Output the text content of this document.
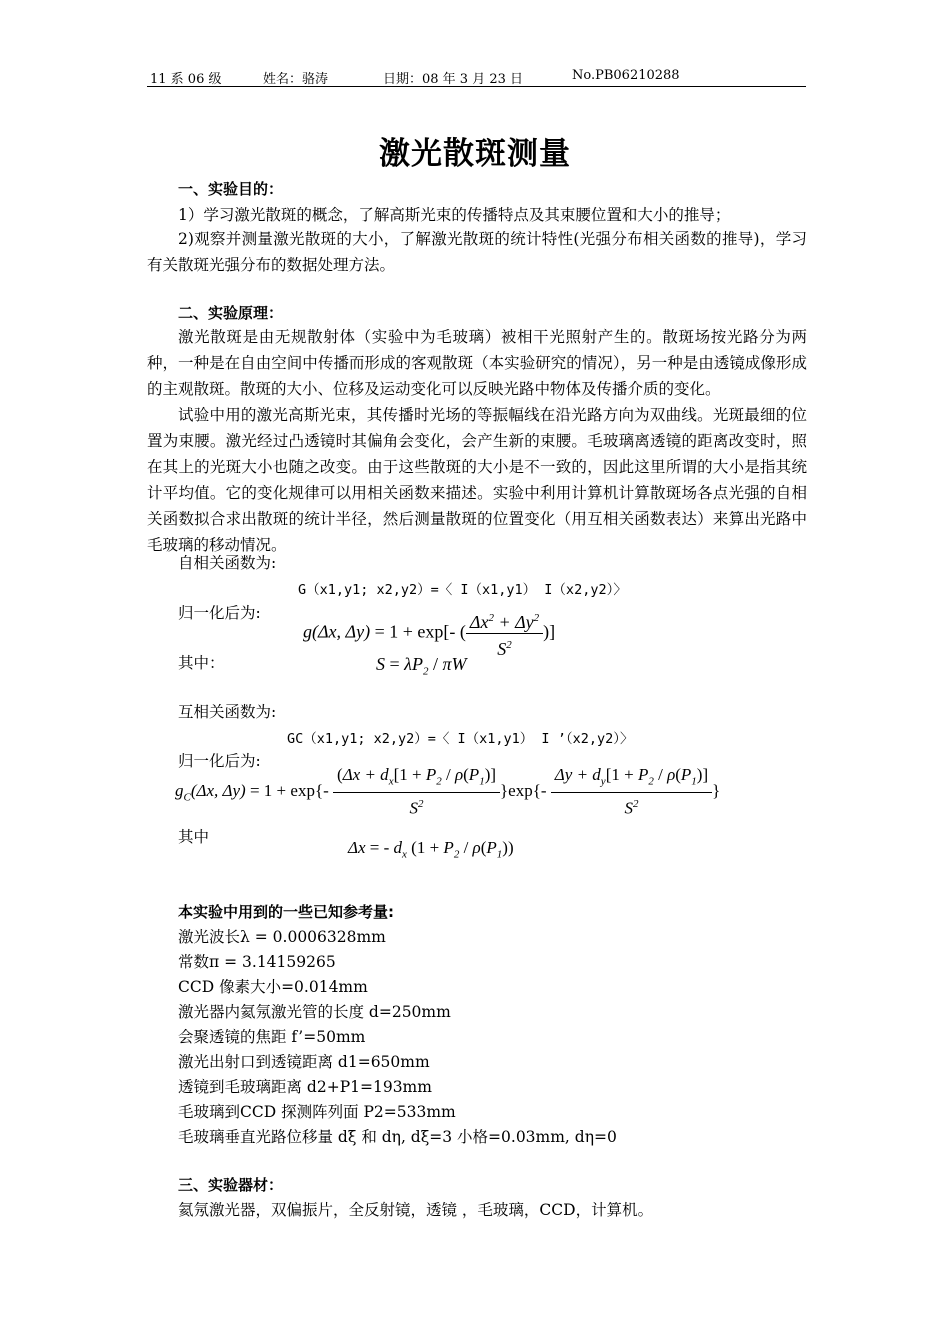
11 系 06 级	姓名：骆涛	日期：08 年 3 月 23 日	No.PB06210288
激光散斑测量
一、实验目的：
1）学习激光散斑的概念，了解高斯光束的传播特点及其束腰位置和大小的推导；
2)观察并测量激光散斑的大小，了解激光散斑的统计特性(光强分布相关函数的推导)，学习有关散斑光强分布的数据处理方法。
二、实验原理：
激光散斑是由无规散射体（实验中为毛玻璃）被相干光照射产生的。散斑场按光路分为两种，一种是在自由空间中传播而形成的客观散斑（本实验研究的情况），另一种是由透镜成像形成的主观散斑。散斑的大小、位移及运动变化可以反映光路中物体及传播介质的变化。
试验中用的激光高斯光束，其传播时光场的等振幅线在沿光路方向为双曲线。光斑最细的位置为束腰。激光经过凸透镜时其偏角会变化，会产生新的束腰。毛玻璃离透镜的距离改变时，照在其上的光斑大小也随之改变。由于这些散斑的大小是不一致的，因此这里所谓的大小是指其统计平均值。它的变化规律可以用相关函数来描述。实验中利用计算机计算散斑场各点光强的自相关函数拟合求出散斑的统计半径，然后测量散斑的位置变化（用互相关函数表达）来算出光路中毛玻璃的移动情况。
自相关函数为:
G（x1,y1; x2,y2）=〈 I（x1,y1） I（x2,y2）〉
归一化后为:
g(Δx, Δy) = 1 + exp[- ( $\frac{\Delta x^2 + \Delta y^2}{S^2}$ )]
其中：	$S = \lambda P_2 / \pi W$
互相关函数为:
GC（x1,y1; x2,y2）=〈 I（x1,y1） I ’（x2,y2）〉
归一化后为:
$g_C(\Delta x$, $\Delta y) = 1 + \exp\{- \frac{(\Delta x + d_x[1 + P_2 / \rho(P_1)]}{S^2} \}\exp\{- \frac{\Delta y + d_y[1 + P_2 / \rho(P_1)]}{S^2}$ }
其中
Δx = - $d_x$ $(1 + P_2 / \rho(P_1))$
本实验中用到的一些已知参考量:
激光波长λ = 0.0006328mm
常数π = 3.14159265
CCD 像素大小=0.014mm
激光器内氦氖激光管的长度 d=250mm
会聚透镜的焦距 f’=50mm
激光出射口到透镜距离 d1=650mm
透镜到毛玻璃距离 d2+P1=193mm
毛玻璃到CCD 探测阵列面 P2=533mm
毛玻璃垂直光路位移量 dξ 和 dη, dξ=3 小格=0.03mm, dη=0
三、实验器材：
氦氖激光器，双偏振片，全反射镜，透镜 ，毛玻璃，CCD，计算机。
